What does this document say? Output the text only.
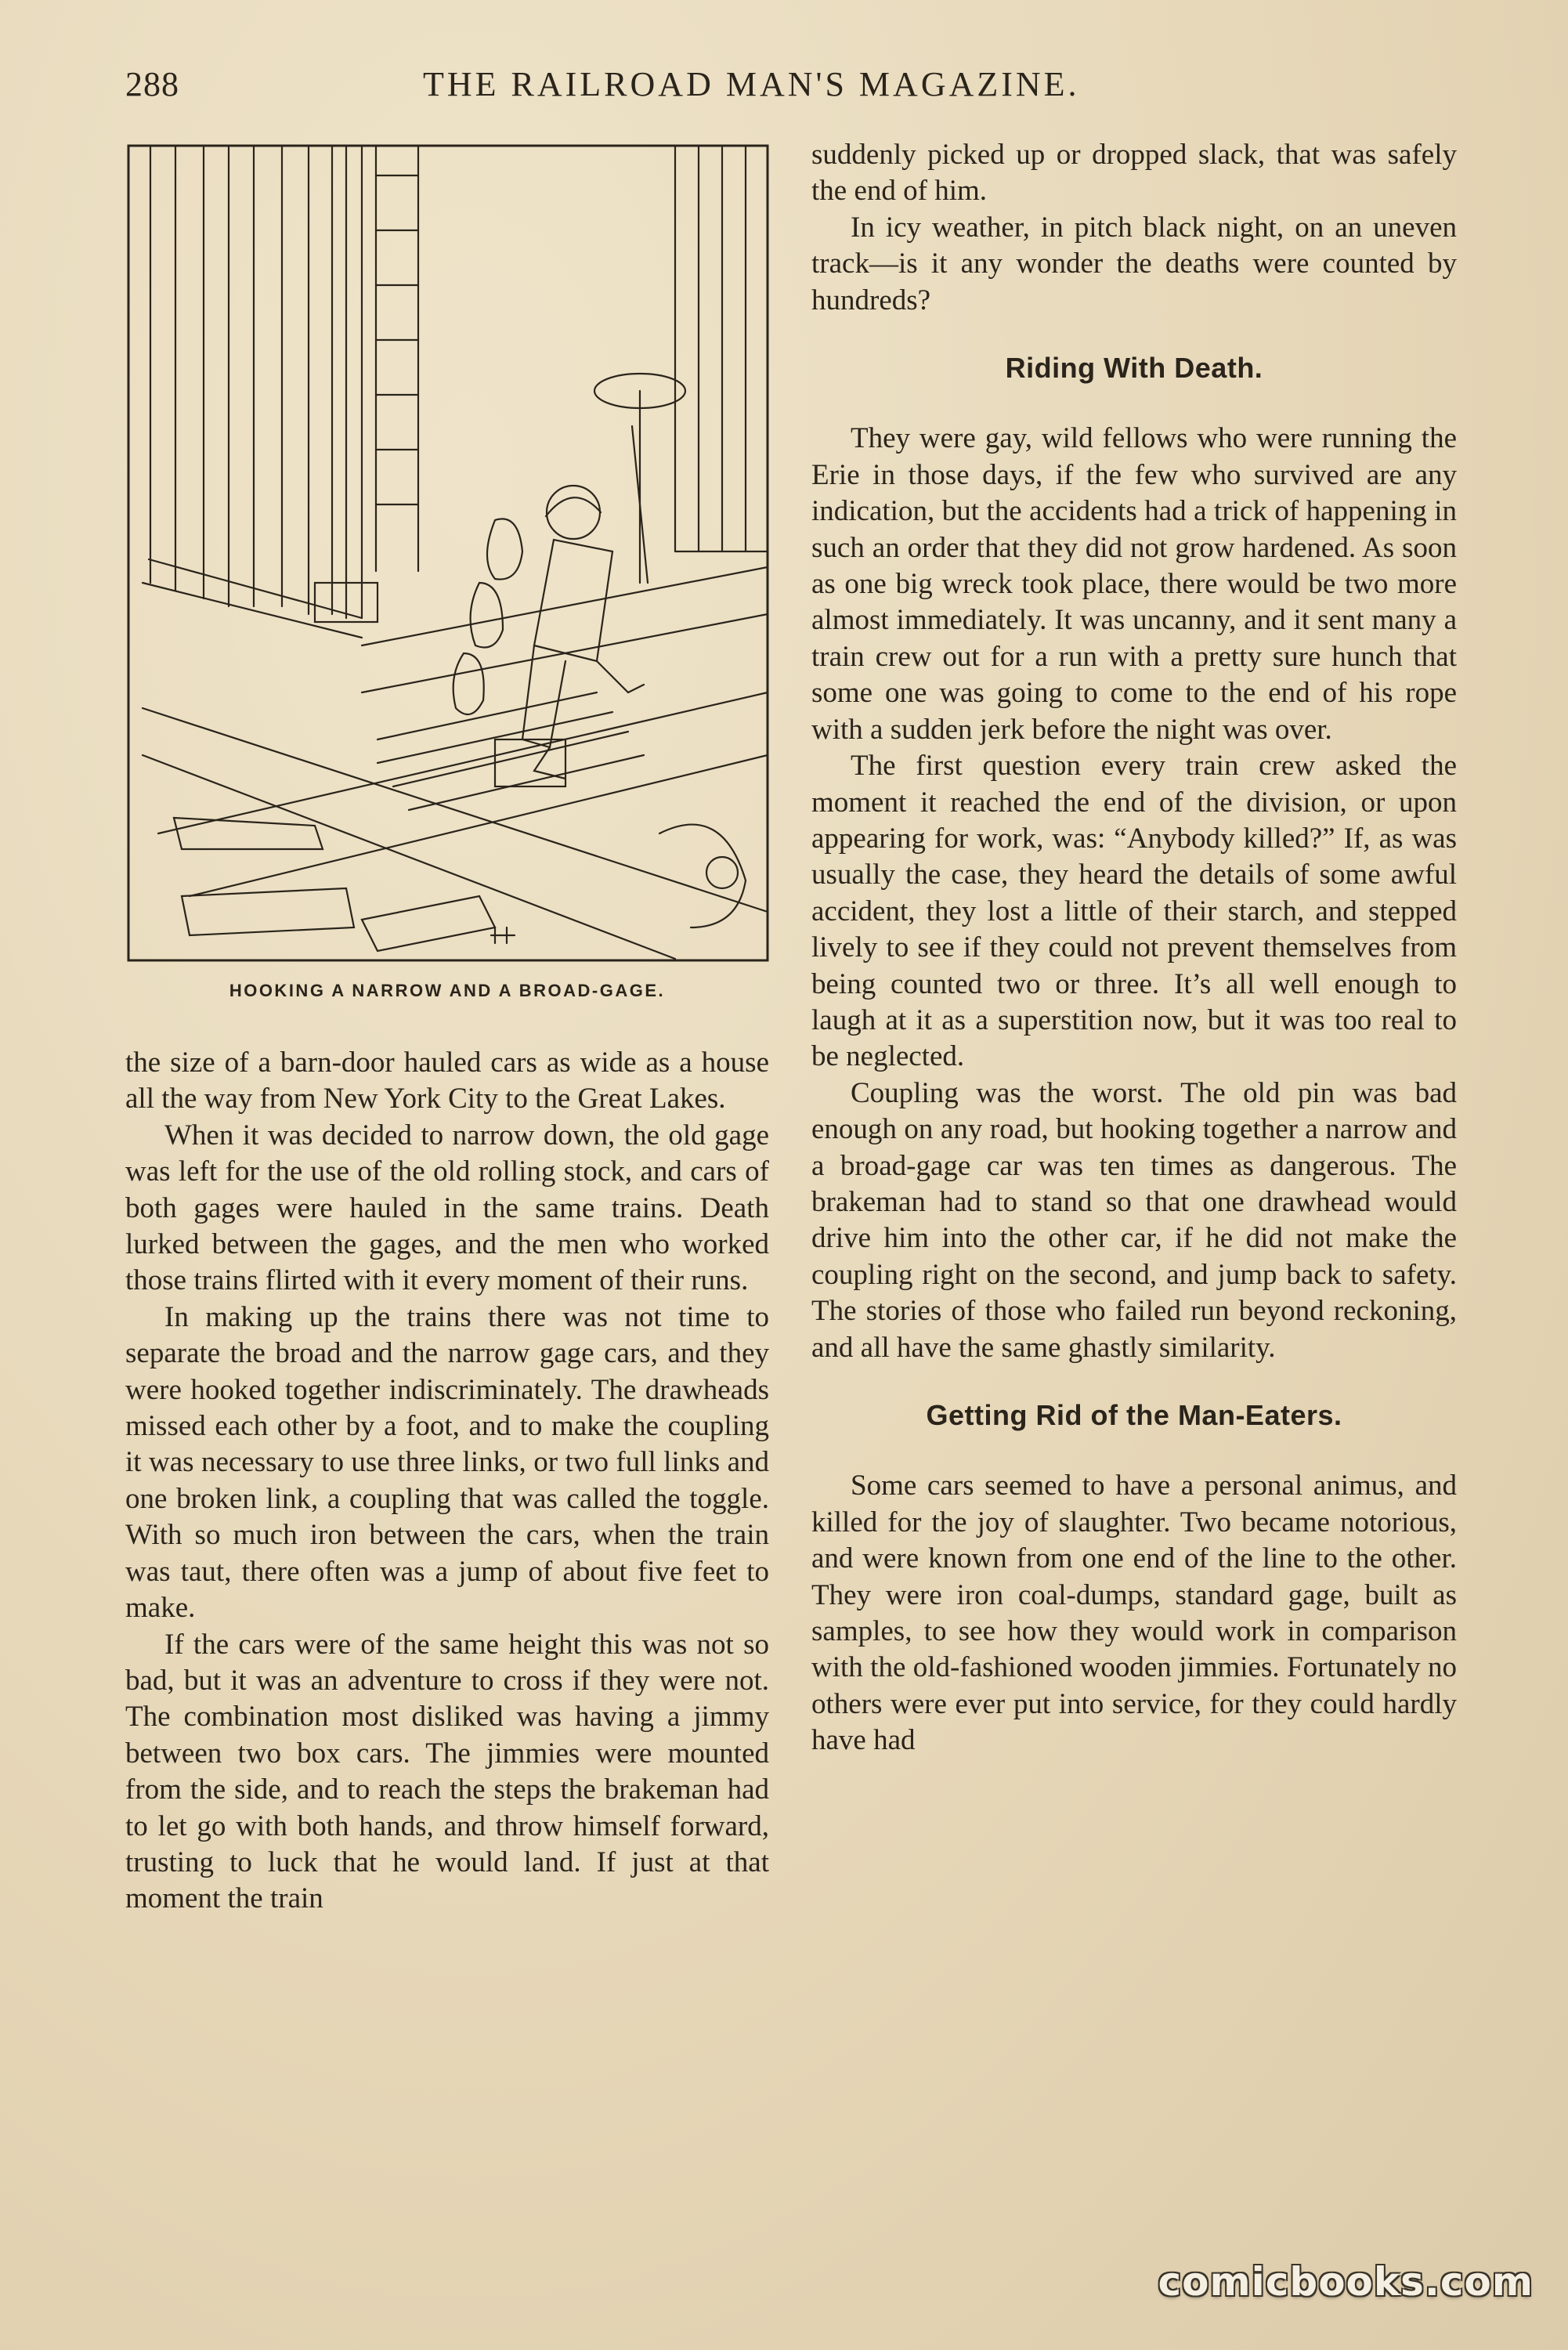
288	THE RAILROAD MAN'S MAGAZINE.
HOOKING A NARROW AND A BROAD-GAGE.

the size of a barn-door hauled cars as wide as a house all the way from New York City to the Great Lakes.

When it was decided to narrow down, the old gage was left for the use of the old rolling stock, and cars of both gages were hauled in the same trains. Death lurked between the gages, and the men who worked those trains flirted with it every moment of their runs.

In making up the trains there was not time to separate the broad and the narrow gage cars, and they were hooked together indiscriminately. The drawheads missed each other by a foot, and to make the coupling it was necessary to use three links, or two full links and one broken link, a coupling that was called the toggle. With so much iron between the cars, when the train was taut, there often was a jump of about five feet to make.

If the cars were of the same height this was not so bad, but it was an adventure to cross if they were not. The combination most disliked was having a jimmy between two box cars. The jimmies were mounted from the side, and to reach the steps the brakeman had to let go with both hands, and throw himself forward, trusting to luck that he would land. If just at that moment the train

suddenly picked up or dropped slack, that was safely the end of him.

In icy weather, in pitch black night, on an uneven track—is it any wonder the deaths were counted by hundreds?

Riding With Death.

They were gay, wild fellows who were running the Erie in those days, if the few who survived are any indication, but the accidents had a trick of happening in such an order that they did not grow hardened. As soon as one big wreck took place, there would be two more almost immediately. It was uncanny, and it sent many a train crew out for a run with a pretty sure hunch that some one was going to come to the end of his rope with a sudden jerk before the night was over.

The first question every train crew asked the moment it reached the end of the division, or upon appearing for work, was: “Anybody killed?” If, as was usually the case, they heard the details of some awful accident, they lost a little of their starch, and stepped lively to see if they could not prevent themselves from being counted two or three. It’s all well enough to laugh at it as a superstition now, but it was too real to be neglected.

Coupling was the worst. The old pin was bad enough on any road, but hooking together a narrow and a broad-gage car was ten times as dangerous. The brakeman had to stand so that one drawhead would drive him into the other car, if he did not make the coupling right on the second, and jump back to safety. The stories of those who failed run beyond reckoning, and all have the same ghastly similarity.

Getting Rid of the Man-Eaters.

Some cars seemed to have a personal animus, and killed for the joy of slaughter. Two became notorious, and were known from one end of the line to the other. They were iron coal-dumps, standard gage, built as samples, to see how they would work in comparison with the old-fashioned wooden jimmies. Fortunately no others were ever put into service, for they could hardly have had

comicbooks.com
